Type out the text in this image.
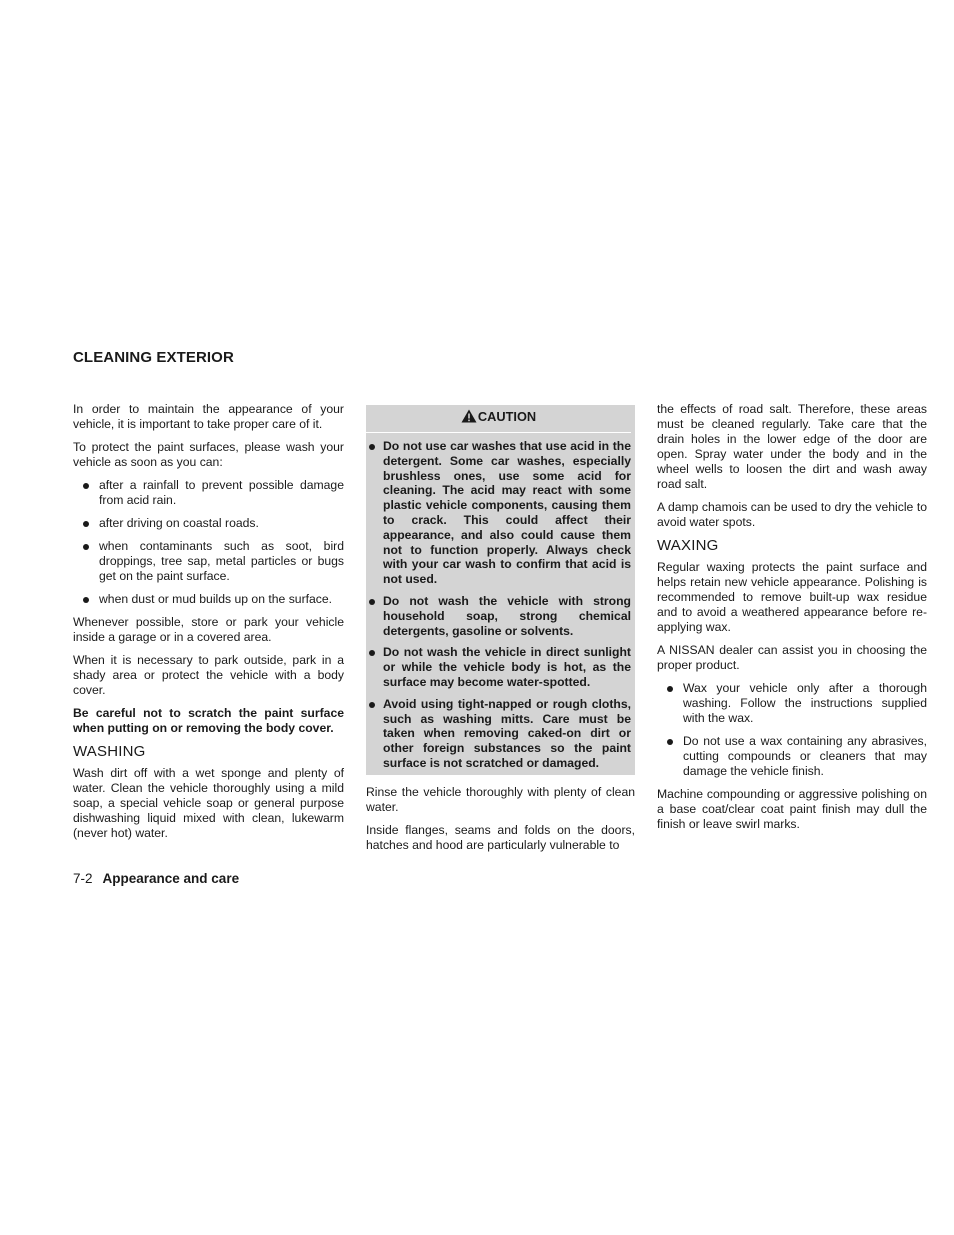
CLEANING EXTERIOR

In order to maintain the appearance of your vehicle, it is important to take proper care of it.

To protect the paint surfaces, please wash your vehicle as soon as you can:

after a rainfall to prevent possible damage from acid rain.
after driving on coastal roads.
when contaminants such as soot, bird droppings, tree sap, metal particles or bugs get on the paint surface.
when dust or mud builds up on the surface.

Whenever possible, store or park your vehicle inside a garage or in a covered area.

When it is necessary to park outside, park in a shady area or protect the vehicle with a body cover.

Be careful not to scratch the paint surface when putting on or removing the body cover.

WASHING

Wash dirt off with a wet sponge and plenty of water. Clean the vehicle thoroughly using a mild soap, a special vehicle soap or general purpose dishwashing liquid mixed with clean, lukewarm (never hot) water.

CAUTION
Do not use car washes that use acid in the detergent. Some car washes, especially brushless ones, use some acid for cleaning. The acid may react with some plastic vehicle components, causing them to crack. This could affect their appearance, and also could cause them not to function properly. Always check with your car wash to confirm that acid is not used.
Do not wash the vehicle with strong household soap, strong chemical detergents, gasoline or solvents.
Do not wash the vehicle in direct sunlight or while the vehicle body is hot, as the surface may become water-spotted.
Avoid using tight-napped or rough cloths, such as washing mitts. Care must be taken when removing caked-on dirt or other foreign substances so the paint surface is not scratched or damaged.

Rinse the vehicle thoroughly with plenty of clean water.

Inside flanges, seams and folds on the doors, hatches and hood are particularly vulnerable to

the effects of road salt. Therefore, these areas must be cleaned regularly. Take care that the drain holes in the lower edge of the door are open. Spray water under the body and in the wheel wells to loosen the dirt and wash away road salt.

A damp chamois can be used to dry the vehicle to avoid water spots.

WAXING

Regular waxing protects the paint surface and helps retain new vehicle appearance. Polishing is recommended to remove built-up wax residue and to avoid a weathered appearance before re-applying wax.

A NISSAN dealer can assist you in choosing the proper product.

Wax your vehicle only after a thorough washing. Follow the instructions supplied with the wax.
Do not use a wax containing any abrasives, cutting compounds or cleaners that may damage the vehicle finish.

Machine compounding or aggressive polishing on a base coat/clear coat paint finish may dull the finish or leave swirl marks.

7-2 Appearance and care
